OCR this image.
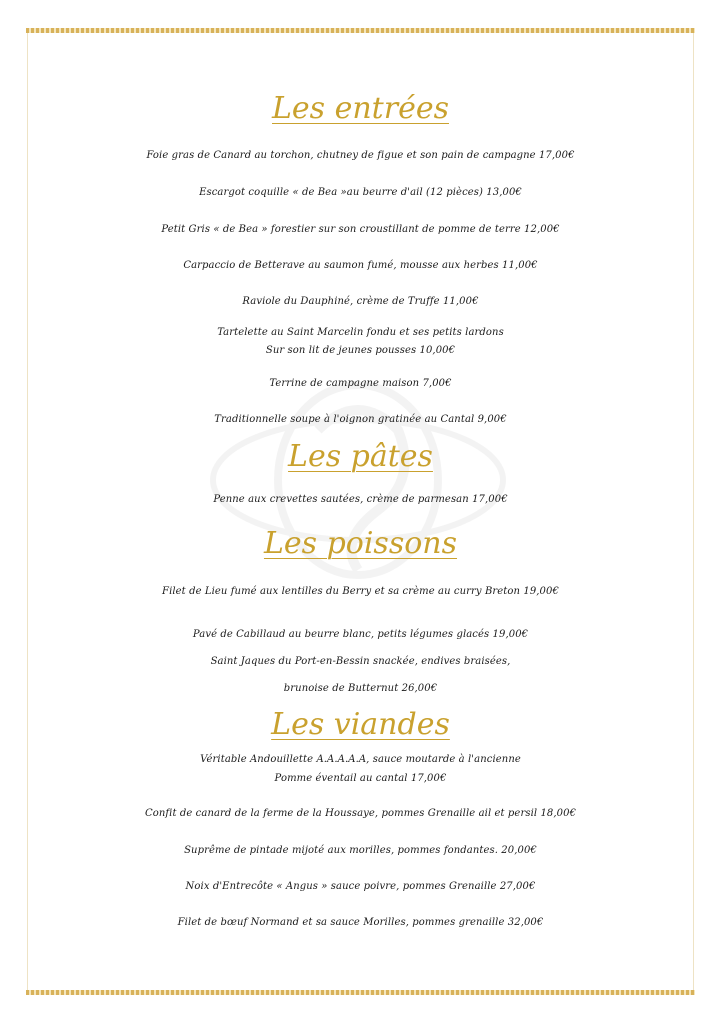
Les entrées
Foie gras de Canard au torchon, chutney de figue et son pain de campagne 17,00€
Escargot coquille « de Bea »au beurre d'ail (12 pièces) 13,00€
Petit Gris « de Bea » forestier sur son croustillant de pomme de terre 12,00€
Carpaccio de Betterave au saumon fumé, mousse aux herbes 11,00€
Raviole du Dauphiné, crème de Truffe 11,00€
Tartelette au Saint Marcelin fondu et ses petits lardons
Sur son lit de jeunes pousses 10,00€
Terrine de campagne maison 7,00€
Traditionnelle soupe à l'oignon gratinée au Cantal 9,00€
Les pâtes
Penne aux crevettes sautées, crème de parmesan 17,00€
Les poissons
Filet de Lieu fumé aux lentilles du Berry et sa crème au curry Breton 19,00€
Pavé de Cabillaud au beurre blanc, petits légumes glacés 19,00€
Saint Jaques du Port-en-Bessin snackée, endives braisées,
brunoise de Butternut 26,00€
Les viandes
Véritable Andouillette A.A.A.A.A, sauce moutarde à l'ancienne
Pomme éventail au cantal 17,00€
Confit de canard de la ferme de la Houssaye, pommes Grenaille ail et persil 18,00€
Suprême de pintade mijoté aux morilles, pommes fondantes. 20,00€
Noix d'Entrecôte « Angus » sauce poivre, pommes Grenaille 27,00€
Filet de bœuf Normand et sa sauce Morilles, pommes grenaille 32,00€
